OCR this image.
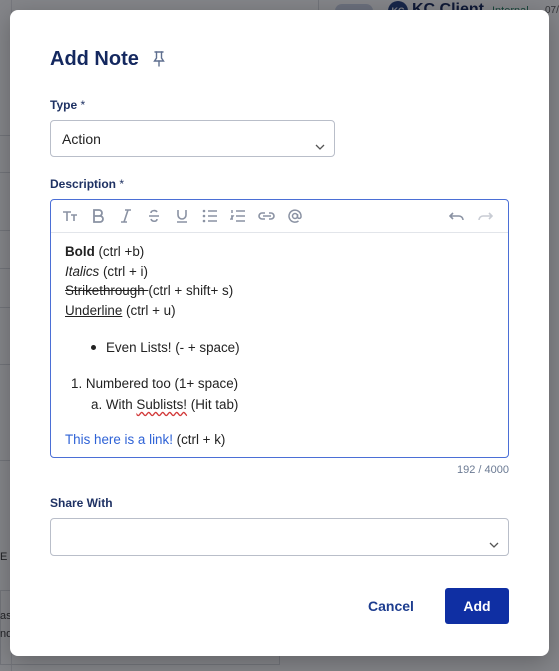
Add Note
Type *
Action
Description *
Bold (ctrl +b)
Italics (ctrl + i)
Strikethrough (ctrl + shift+ s)
Underline (ctrl + u)
Even Lists! (- + space)
1. Numbered too (1+ space)
a. With Sublists! (Hit tab)
This here is a link! (ctrl + k)
192 / 4000
Share With
Cancel	Add
